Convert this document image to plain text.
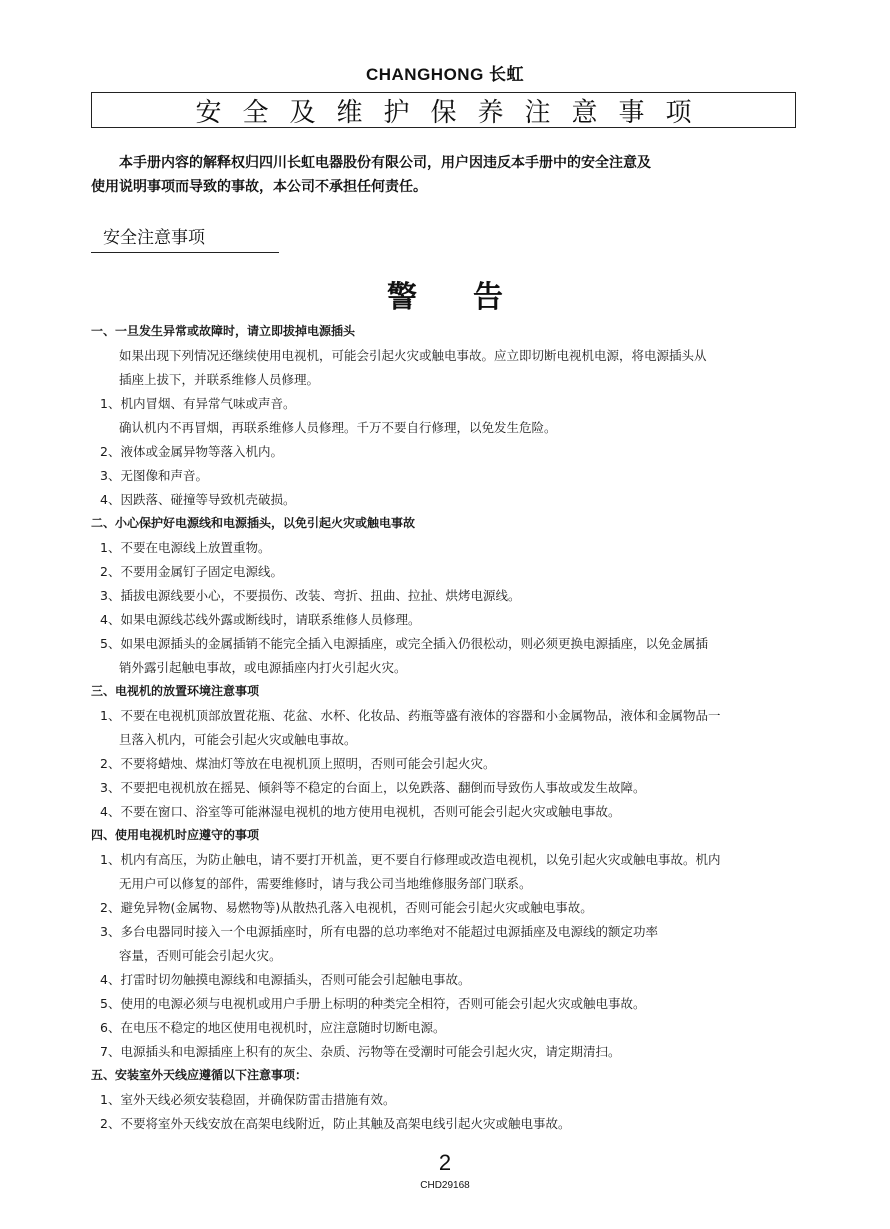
CHANGHONG 长虹
安全及维护保养注意事项
本手册内容的解释权归四川长虹电器股份有限公司，用户因违反本手册中的安全注意及
使用说明事项而导致的事故，本公司不承担任何责任。
安全注意事项
警告
一、一旦发生异常或故障时，请立即拔掉电源插头
如果出现下列情况还继续使用电视机，可能会引起火灾或触电事故。应立即切断电视机电源，将电源插头从
插座上拔下，并联系维修人员修理。
1、机内冒烟、有异常气味或声音。
确认机内不再冒烟，再联系维修人员修理。千万不要自行修理，以免发生危险。
2、液体或金属异物等落入机内。
3、无图像和声音。
4、因跌落、碰撞等导致机壳破损。
二、小心保护好电源线和电源插头，以免引起火灾或触电事故
1、不要在电源线上放置重物。
2、不要用金属钉子固定电源线。
3、插拔电源线要小心，不要损伤、改装、弯折、扭曲、拉扯、烘烤电源线。
4、如果电源线芯线外露或断线时，请联系维修人员修理。
5、如果电源插头的金属插销不能完全插入电源插座，或完全插入仍很松动，则必须更换电源插座，以免金属插
销外露引起触电事故，或电源插座内打火引起火灾。
三、电视机的放置环境注意事项
1、不要在电视机顶部放置花瓶、花盆、水杯、化妆品、药瓶等盛有液体的容器和小金属物品，液体和金属物品一
旦落入机内，可能会引起火灾或触电事故。
2、不要将蜡烛、煤油灯等放在电视机顶上照明，否则可能会引起火灾。
3、不要把电视机放在摇晃、倾斜等不稳定的台面上，以免跌落、翻倒而导致伤人事故或发生故障。
4、不要在窗口、浴室等可能淋湿电视机的地方使用电视机，否则可能会引起火灾或触电事故。
四、使用电视机时应遵守的事项
1、机内有高压，为防止触电，请不要打开机盖，更不要自行修理或改造电视机，以免引起火灾或触电事故。机内
无用户可以修复的部件，需要维修时，请与我公司当地维修服务部门联系。
2、避免异物(金属物、易燃物等)从散热孔落入电视机，否则可能会引起火灾或触电事故。
3、多台电器同时接入一个电源插座时，所有电器的总功率绝对不能超过电源插座及电源线的额定功率
容量，否则可能会引起火灾。
4、打雷时切勿触摸电源线和电源插头，否则可能会引起触电事故。
5、使用的电源必须与电视机或用户手册上标明的种类完全相符，否则可能会引起火灾或触电事故。
6、在电压不稳定的地区使用电视机时，应注意随时切断电源。
7、电源插头和电源插座上积有的灰尘、杂质、污物等在受潮时可能会引起火灾，请定期清扫。
五、安装室外天线应遵循以下注意事项：
1、室外天线必须安装稳固，并确保防雷击措施有效。
2、不要将室外天线安放在高架电线附近，防止其触及高架电线引起火灾或触电事故。
2
CHD29168
